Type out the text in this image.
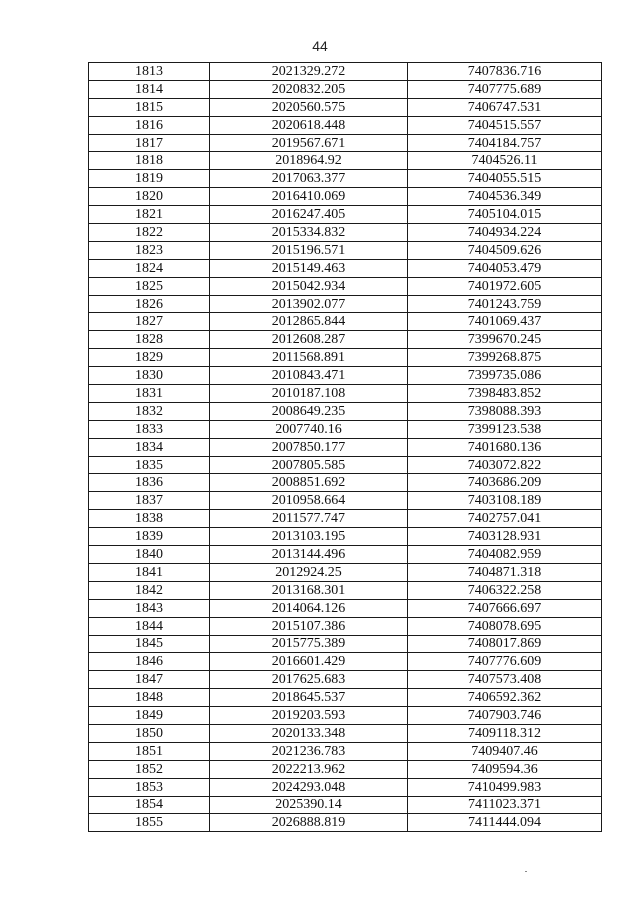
44
1813	2021329.272	7407836.716
1814	2020832.205	7407775.689
1815	2020560.575	7406747.531
1816	2020618.448	7404515.557
1817	2019567.671	7404184.757
1818	2018964.92	7404526.11
1819	2017063.377	7404055.515
1820	2016410.069	7404536.349
1821	2016247.405	7405104.015
1822	2015334.832	7404934.224
1823	2015196.571	7404509.626
1824	2015149.463	7404053.479
1825	2015042.934	7401972.605
1826	2013902.077	7401243.759
1827	2012865.844	7401069.437
1828	2012608.287	7399670.245
1829	2011568.891	7399268.875
1830	2010843.471	7399735.086
1831	2010187.108	7398483.852
1832	2008649.235	7398088.393
1833	2007740.16	7399123.538
1834	2007850.177	7401680.136
1835	2007805.585	7403072.822
1836	2008851.692	7403686.209
1837	2010958.664	7403108.189
1838	2011577.747	7402757.041
1839	2013103.195	7403128.931
1840	2013144.496	7404082.959
1841	2012924.25	7404871.318
1842	2013168.301	7406322.258
1843	2014064.126	7407666.697
1844	2015107.386	7408078.695
1845	2015775.389	7408017.869
1846	2016601.429	7407776.609
1847	2017625.683	7407573.408
1848	2018645.537	7406592.362
1849	2019203.593	7407903.746
1850	2020133.348	7409118.312
1851	2021236.783	7409407.46
1852	2022213.962	7409594.36
1853	2024293.048	7410499.983
1854	2025390.14	7411023.371
1855	2026888.819	7411444.094
